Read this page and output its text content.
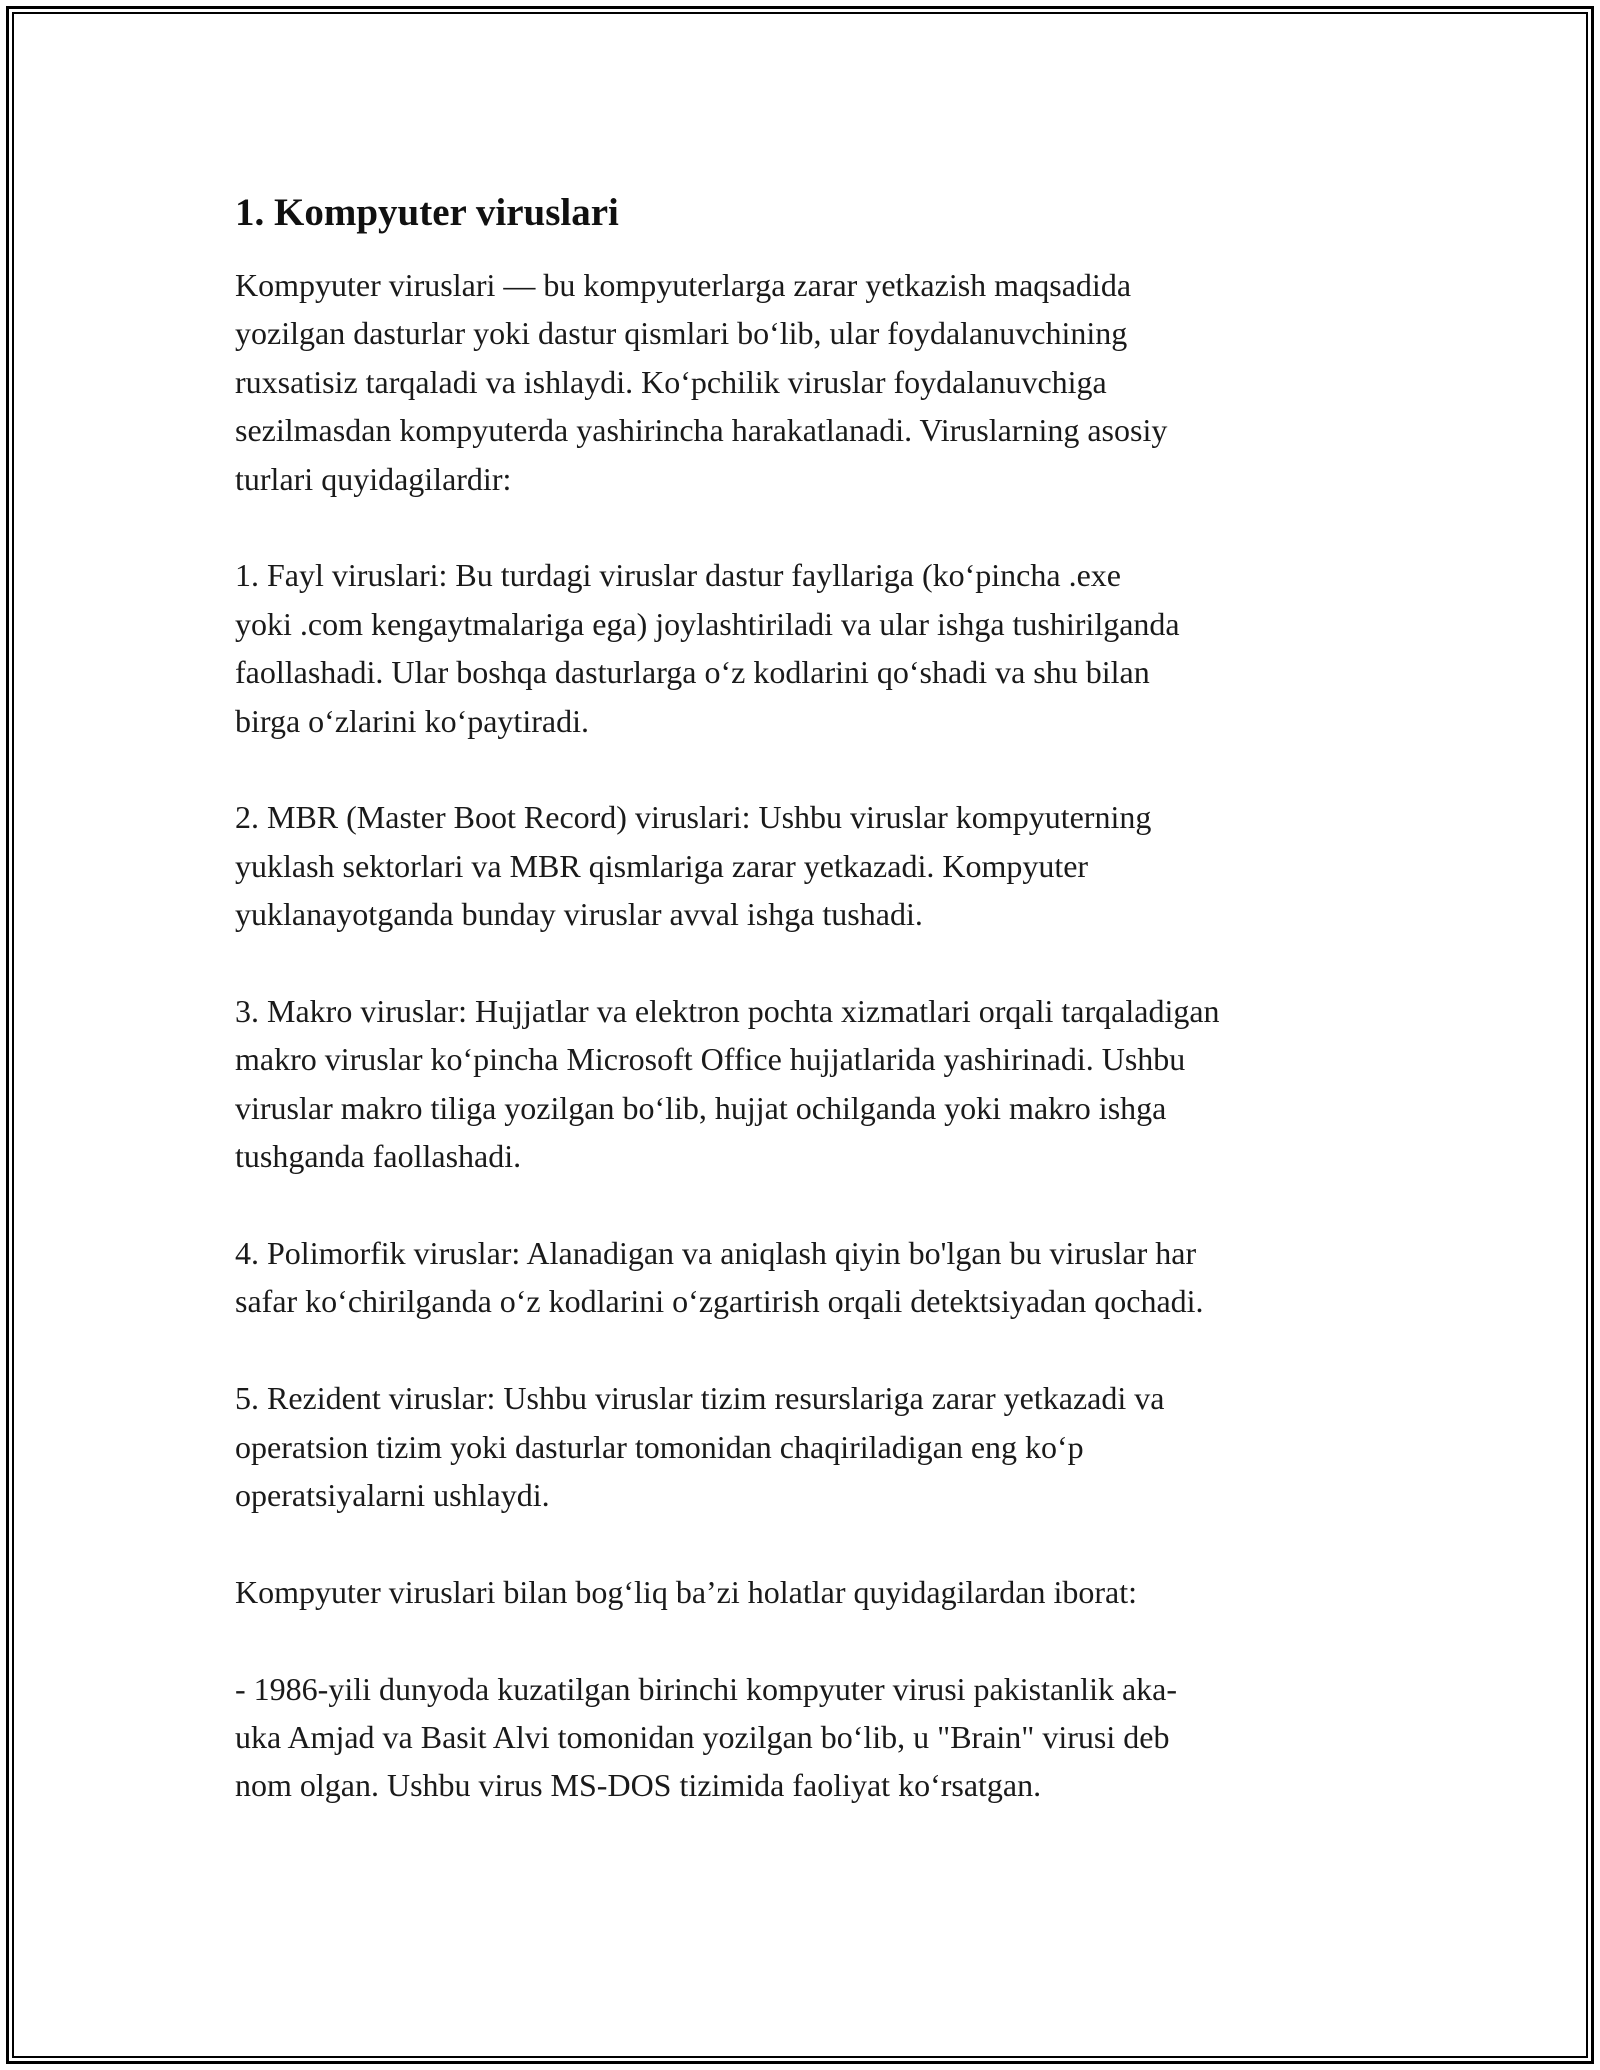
1. Kompyuter viruslari

Kompyuter viruslari — bu kompyuterlarga zarar yetkazish maqsadida
yozilgan dasturlar yoki dastur qismlari bo‘lib, ular foydalanuvchining
ruxsatisiz tarqaladi va ishlaydi. Ko‘pchilik viruslar foydalanuvchiga
sezilmasdan kompyuterda yashirincha harakatlanadi. Viruslarning asosiy
turlari quyidagilardir:

1. Fayl viruslari: Bu turdagi viruslar dastur fayllariga (ko‘pincha .exe
yoki .com kengaytmalariga ega) joylashtiriladi va ular ishga tushirilganda
faollashadi. Ular boshqa dasturlarga o‘z kodlarini qo‘shadi va shu bilan
birga o‘zlarini ko‘paytiradi.

2. MBR (Master Boot Record) viruslari: Ushbu viruslar kompyuterning
yuklash sektorlari va MBR qismlariga zarar yetkazadi. Kompyuter
yuklanayotganda bunday viruslar avval ishga tushadi.

3. Makro viruslar: Hujjatlar va elektron pochta xizmatlari orqali tarqaladigan
makro viruslar ko‘pincha Microsoft Office hujjatlarida yashirinadi. Ushbu
viruslar makro tiliga yozilgan bo‘lib, hujjat ochilganda yoki makro ishga
tushganda faollashadi.

4. Polimorfik viruslar: Alanadigan va aniqlash qiyin bo'lgan bu viruslar har
safar ko‘chirilganda o‘z kodlarini o‘zgartirish orqali detektsiyadan qochadi.

5. Rezident viruslar: Ushbu viruslar tizim resurslariga zarar yetkazadi va
operatsion tizim yoki dasturlar tomonidan chaqiriladigan eng ko‘p
operatsiyalarni ushlaydi.

Kompyuter viruslari bilan bog‘liq ba’zi holatlar quyidagilardan iborat:

- 1986-yili dunyoda kuzatilgan birinchi kompyuter virusi pakistanlik aka-
uka Amjad va Basit Alvi tomonidan yozilgan bo‘lib, u "Brain" virusi deb
nom olgan. Ushbu virus MS-DOS tizimida faoliyat ko‘rsatgan.
